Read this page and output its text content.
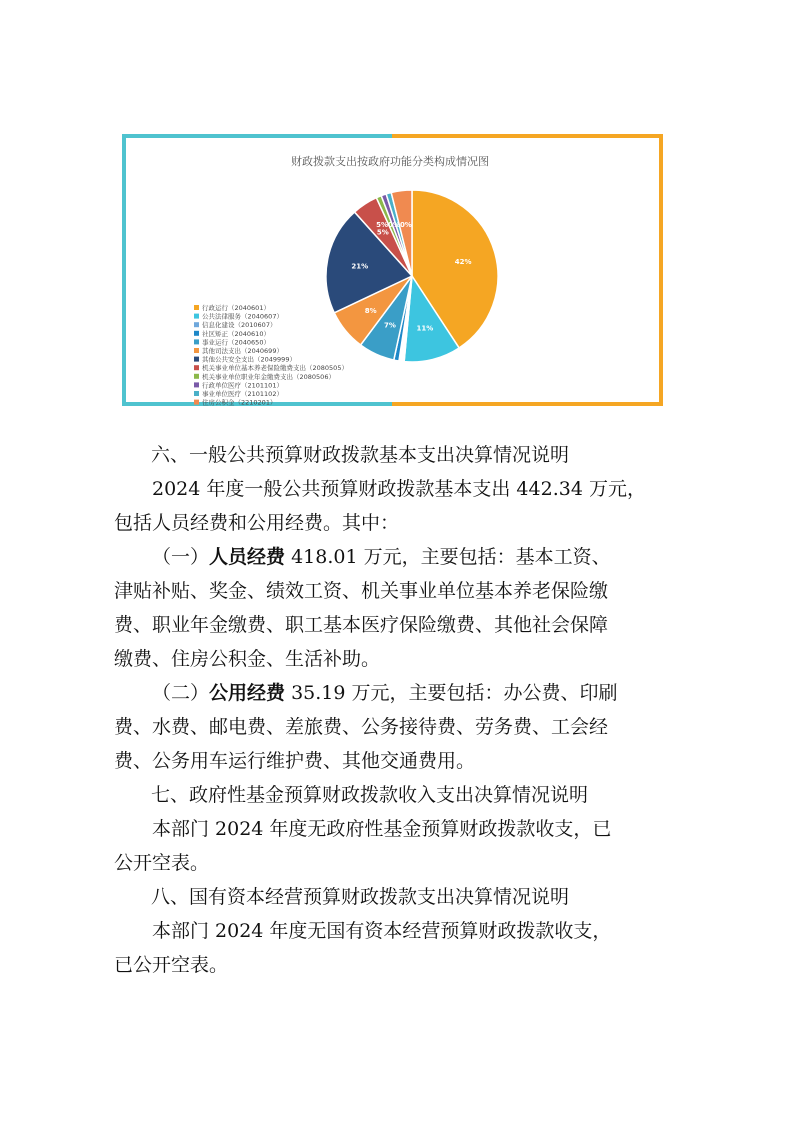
财政拨款支出按政府功能分类构成情况图
42%
11%
7%
8%
21%
5%
行政运行（2040601）
公共法律服务（2040607）
信息化建设（2010607）
社区矫正（2040610）
事业运行（2040650）
其他司法支出（2040699）
其他公共安全支出（2049999）
机关事业单位基本养老保险缴费支出（2080505）
机关事业单位职业年金缴费支出（2080506）
行政单位医疗（2101101）
事业单位医疗（2101102）
住房公积金（2210201）
5%0%0%
六、一般公共预算财政拨款基本支出决算情况说明
2024 年度一般公共预算财政拨款基本支出 442.34 万元，
包括人员经费和公用经费。其中：
（一）人员经费 418.01 万元，主要包括：基本工资、
津贴补贴、奖金、绩效工资、机关事业单位基本养老保险缴
费、职业年金缴费、职工基本医疗保险缴费、其他社会保障
缴费、住房公积金、生活补助。
（二）公用经费 35.19 万元，主要包括：办公费、印刷
费、水费、邮电费、差旅费、公务接待费、劳务费、工会经
费、公务用车运行维护费、其他交通费用。
七、政府性基金预算财政拨款收入支出决算情况说明
本部门 2024 年度无政府性基金预算财政拨款收支，已
公开空表。
八、国有资本经营预算财政拨款支出决算情况说明
本部门 2024 年度无国有资本经营预算财政拨款收支，
已公开空表。
